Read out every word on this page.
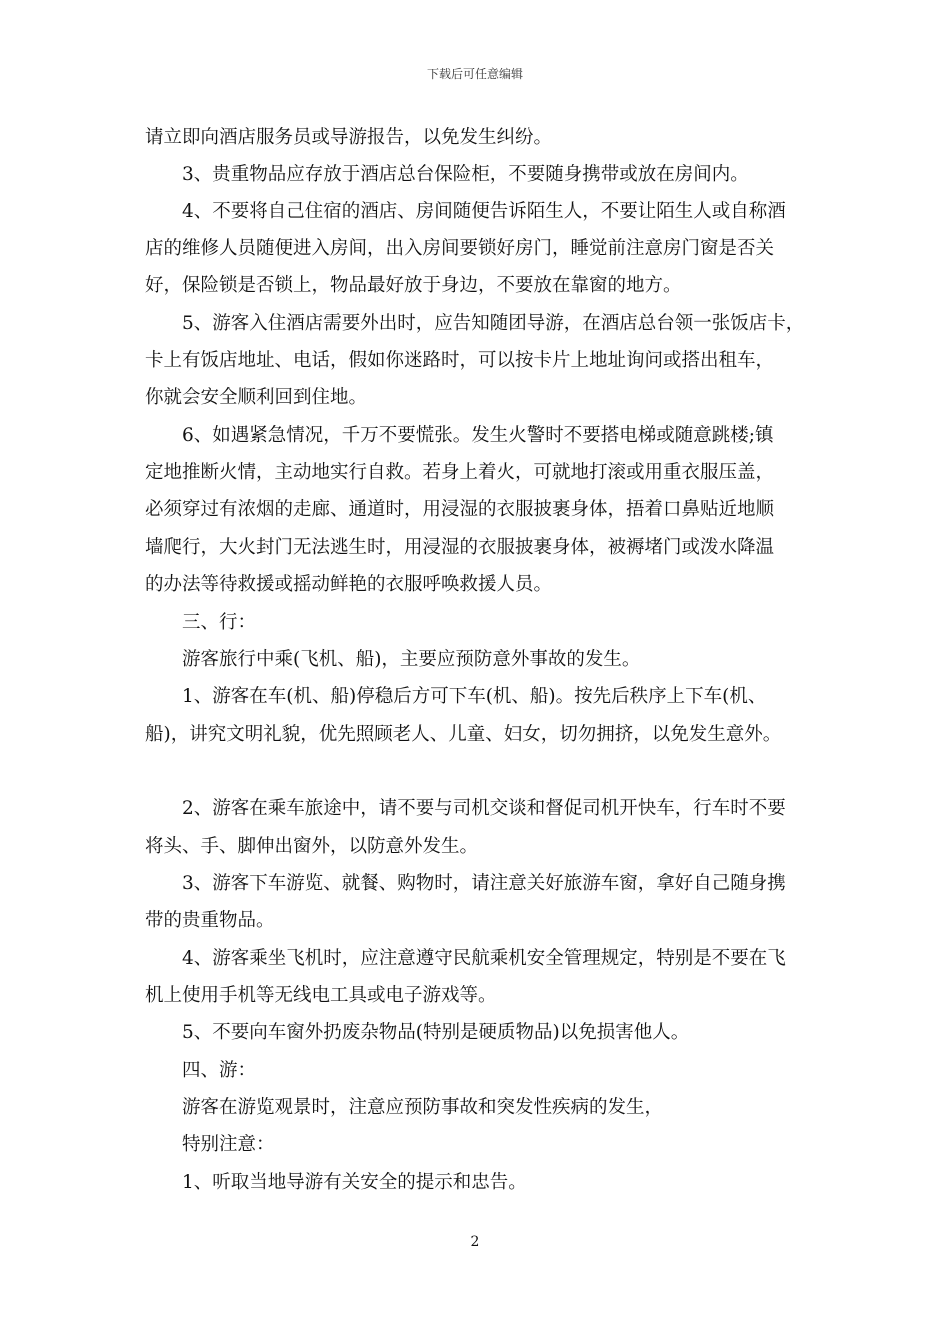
下载后可任意编辑
请立即向酒店服务员或导游报告，以免发生纠纷。
3、贵重物品应存放于酒店总台保险柜，不要随身携带或放在房间内。
4、不要将自己住宿的酒店、房间随便告诉陌生人，不要让陌生人或自称酒
店的维修人员随便进入房间，出入房间要锁好房门，睡觉前注意房门窗是否关
好，保险锁是否锁上，物品最好放于身边，不要放在靠窗的地方。
5、游客入住酒店需要外出时，应告知随团导游，在酒店总台领一张饭店卡，
卡上有饭店地址、电话，假如你迷路时，可以按卡片上地址询问或搭出租车，
你就会安全顺利回到住地。
6、如遇紧急情况，千万不要慌张。发生火警时不要搭电梯或随意跳楼;镇
定地推断火情，主动地实行自救。若身上着火，可就地打滚或用重衣服压盖，
必须穿过有浓烟的走廊、通道时，用浸湿的衣服披裹身体，捂着口鼻贴近地顺
墙爬行，大火封门无法逃生时，用浸湿的衣服披裹身体，被褥堵门或泼水降温
的办法等待救援或摇动鲜艳的衣服呼唤救援人员。
三、行：
游客旅行中乘(飞机、船)，主要应预防意外事故的发生。
1、游客在车(机、船)停稳后方可下车(机、船)。按先后秩序上下车(机、
船)，讲究文明礼貌，优先照顾老人、儿童、妇女，切勿拥挤，以免发生意外。
2、游客在乘车旅途中，请不要与司机交谈和督促司机开快车，行车时不要
将头、手、脚伸出窗外，以防意外发生。
3、游客下车游览、就餐、购物时，请注意关好旅游车窗，拿好自己随身携
带的贵重物品。
4、游客乘坐飞机时，应注意遵守民航乘机安全管理规定，特别是不要在飞
机上使用手机等无线电工具或电子游戏等。
5、不要向车窗外扔废杂物品(特别是硬质物品)以免损害他人。
四、游：
游客在游览观景时，注意应预防事故和突发性疾病的发生，
特别注意：
1、听取当地导游有关安全的提示和忠告。
2
